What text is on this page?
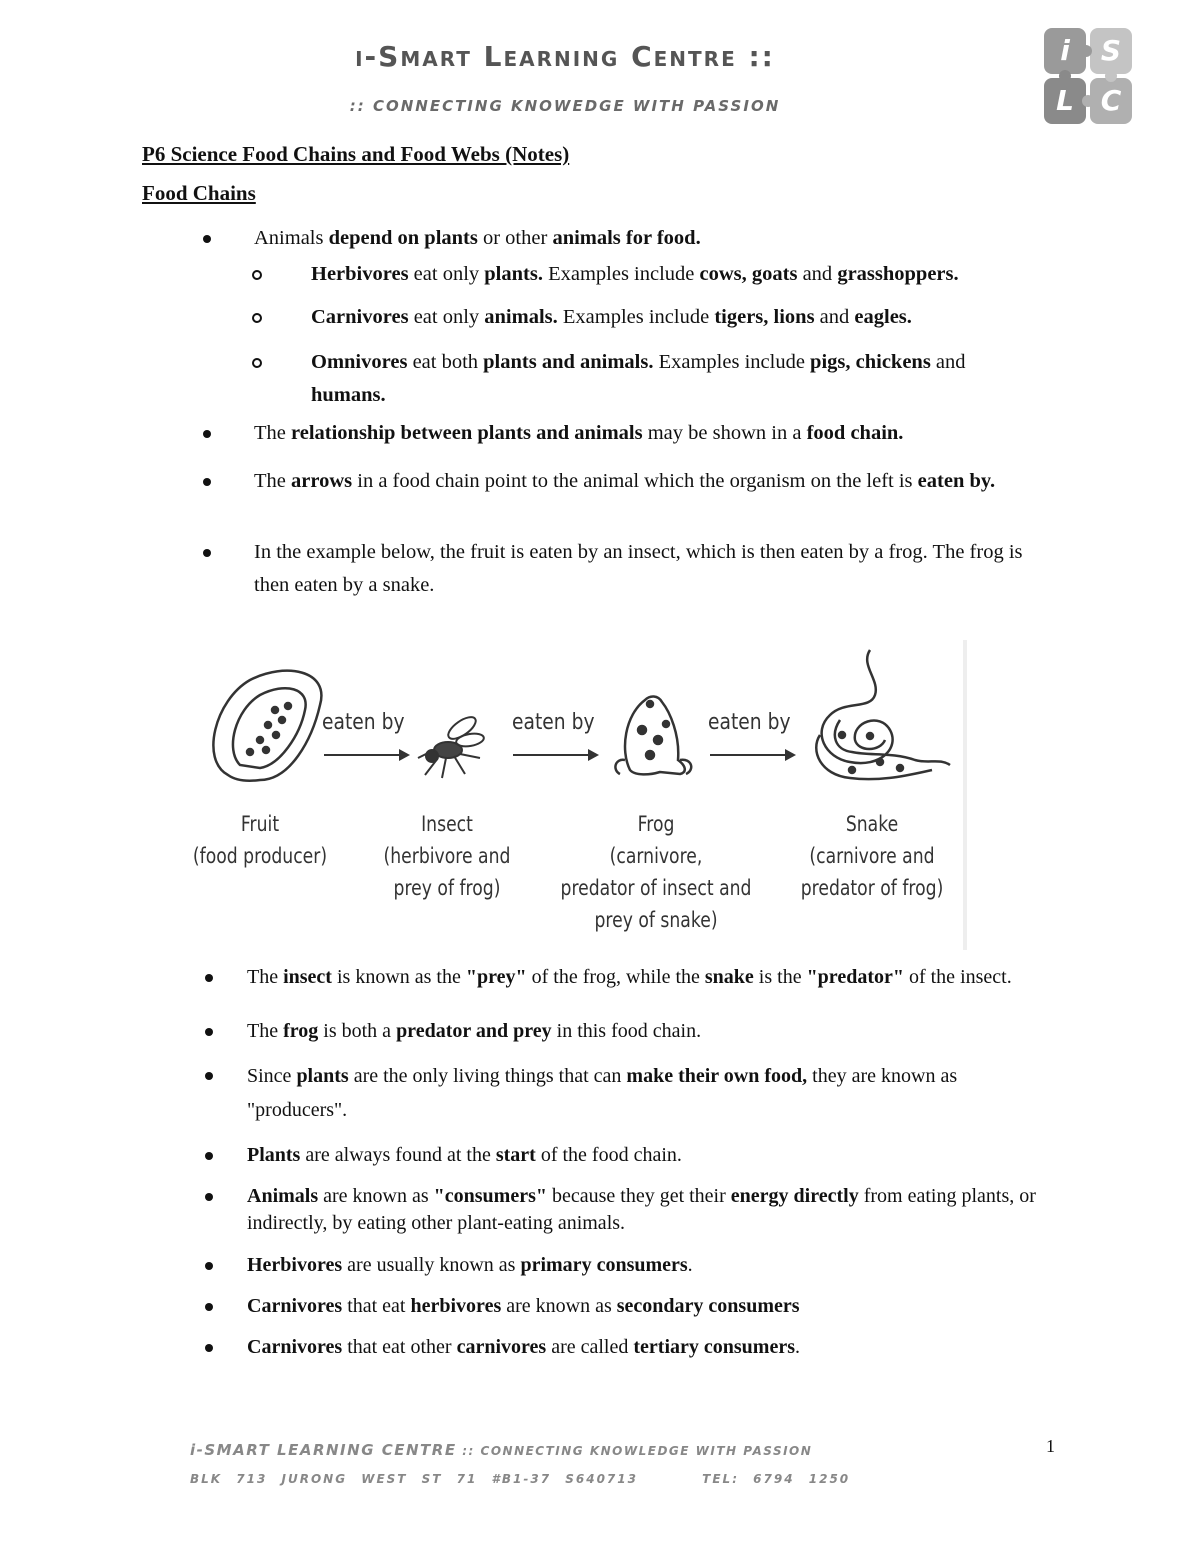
i-Smart Learning Centre ::
:: CONNECTING KNOWEDGE WITH PASSION
i S
L C
P6 Science Food Chains and Food Webs (Notes)
Food Chains
Animals depend on plants or other animals for food.
Herbivores eat only plants. Examples include cows, goats and grasshoppers.
Carnivores eat only animals. Examples include tigers, lions and eagles.
Omnivores eat both plants and animals. Examples include pigs, chickens and humans.
The relationship between plants and animals may be shown in a food chain.
The arrows in a food chain point to the animal which the organism on the left is eaten by.
In the example below, the fruit is eaten by an insect, which is then eaten by a frog. The frog is then eaten by a snake.
eaten by	eaten by	eaten by
Fruit
(food producer)
Insect
(herbivore and
prey of frog)
Frog
(carnivore,
predator of insect and
prey of snake)
Snake
(carnivore and
predator of frog)
The insect is known as the "prey" of the frog, while the snake is the "predator" of the insect.
The frog is both a predator and prey in this food chain.
Since plants are the only living things that can make their own food, they are known as "producers".
Plants are always found at the start of the food chain.
Animals are known as "consumers" because they get their energy directly from eating plants, or indirectly, by eating other plant-eating animals.
Herbivores are usually known as primary consumers.
Carnivores that eat herbivores are known as secondary consumers
Carnivores that eat other carnivores are called tertiary consumers.
i-SMART LEARNING CENTRE :: CONNECTING KNOWLEDGE WITH PASSION
BLK 713 JURONG WEST ST 71 #B1-37 S640713	TEL: 6794 1250
1
